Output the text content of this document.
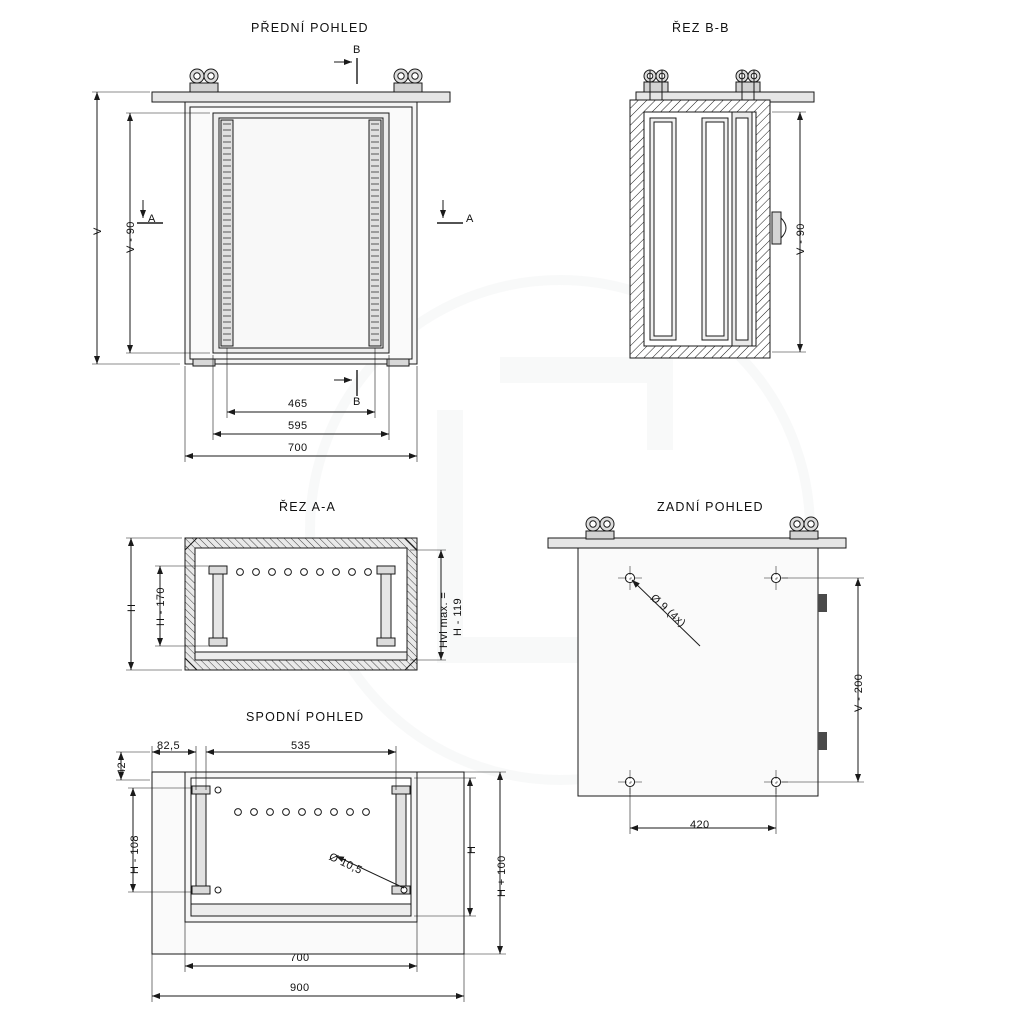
PŘEDNÍ POHLED	ŘEZ B-B
ŘEZ A-A	ZADNÍ POHLED
SPODNÍ POHLED
B
B
A	A
V V - 90
465
595
700
V - 90
H H - 170	Hvl max. = H - 119	Ø 9 (4x)
V - 200
420
42
H - 108	H
H + 100
82,5	535
700
900
Ø 10,5
